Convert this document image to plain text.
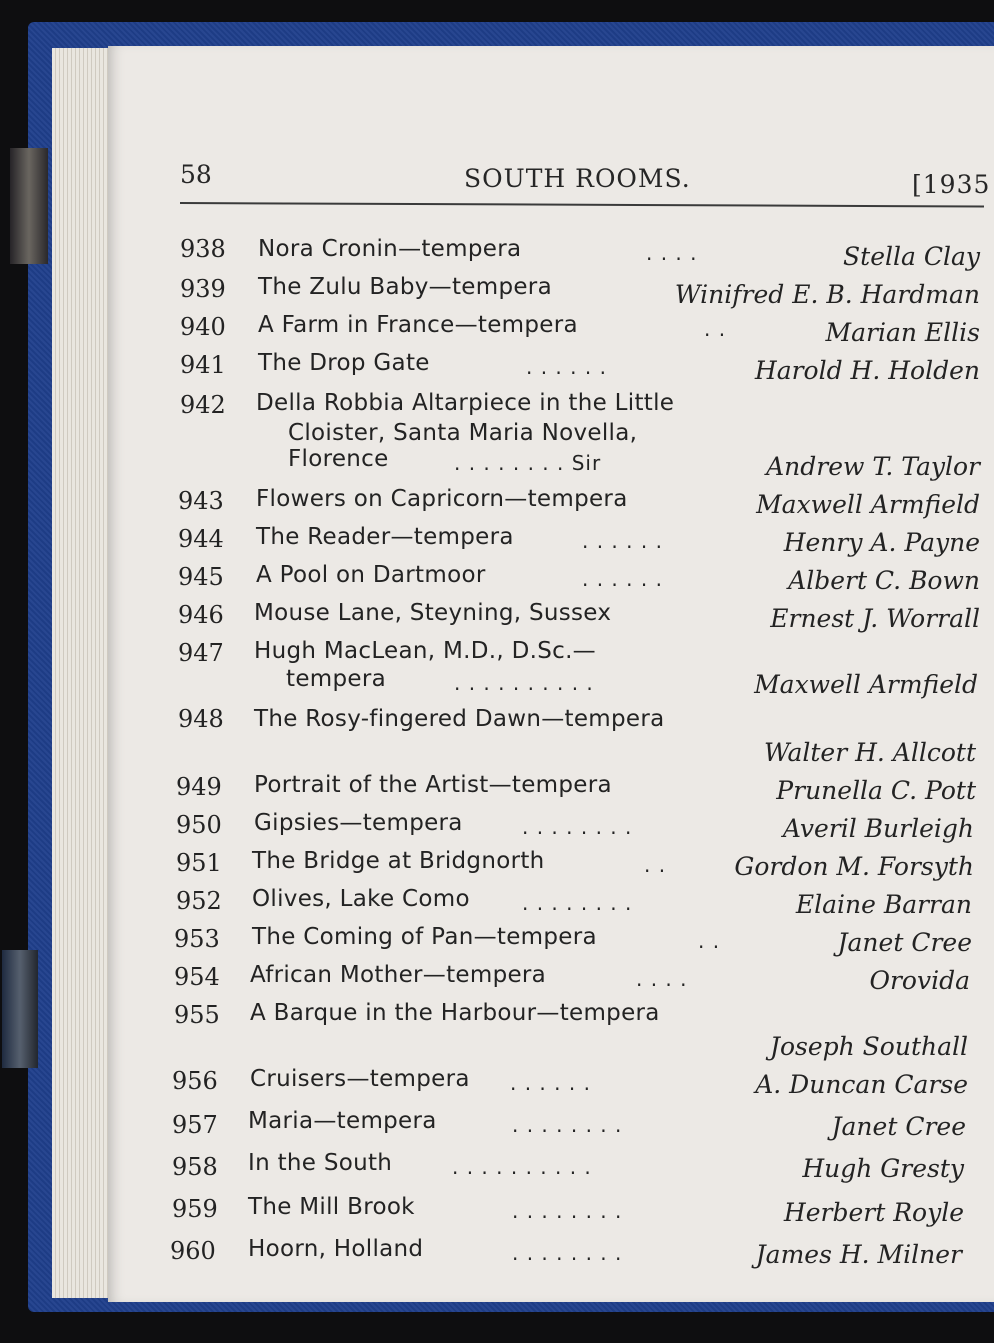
58	SOUTH ROOMS.	[1935
938 Nora Cronin—tempera	. . . .	Stella Clay
939 The Zulu Baby—tempera	Winifred E. B. Hardman
940 A Farm in France—tempera	. .	Marian Ellis
941 The Drop Gate	. . . . . .	Harold H. Holden
942 Della Robbia Altarpiece in the Little
Cloister, Santa Maria Novella,
Florence	. . . . . . . . Sir	Andrew T. Taylor
943 Flowers on Capricorn—tempera	Maxwell Armfield
944 The Reader—tempera	. . . . . .	Henry A. Payne
945 A Pool on Dartmoor	. . . . . .	Albert C. Bown
946 Mouse Lane, Steyning, Sussex	Ernest J. Worrall
947 Hugh MacLean, M.D., D.Sc.—
tempera	. . . . . . . . . .	Maxwell Armfield
948 The Rosy-fingered Dawn—tempera
Walter H. Allcott
949 Portrait of the Artist—tempera	Prunella C. Pott
950 Gipsies—tempera	. . . . . . . .	Averil Burleigh
951 The Bridge at Bridgnorth	. .	Gordon M. Forsyth
952 Olives, Lake Como	. . . . . . . .	Elaine Barran
953 The Coming of Pan—tempera	. .	Janet Cree
954 African Mother—tempera	. . . .	Orovida
955 A Barque in the Harbour—tempera
Joseph Southall
956 Cruisers—tempera . . . . . .	A. Duncan Carse
957 Maria—tempera	. . . . . . . .	Janet Cree
958 In the South	. . . . . . . . . .	Hugh Gresty
959 The Mill Brook	. . . . . . . .	Herbert Royle
960 Hoorn, Holland	. . . . . . . .	James H. Milner
